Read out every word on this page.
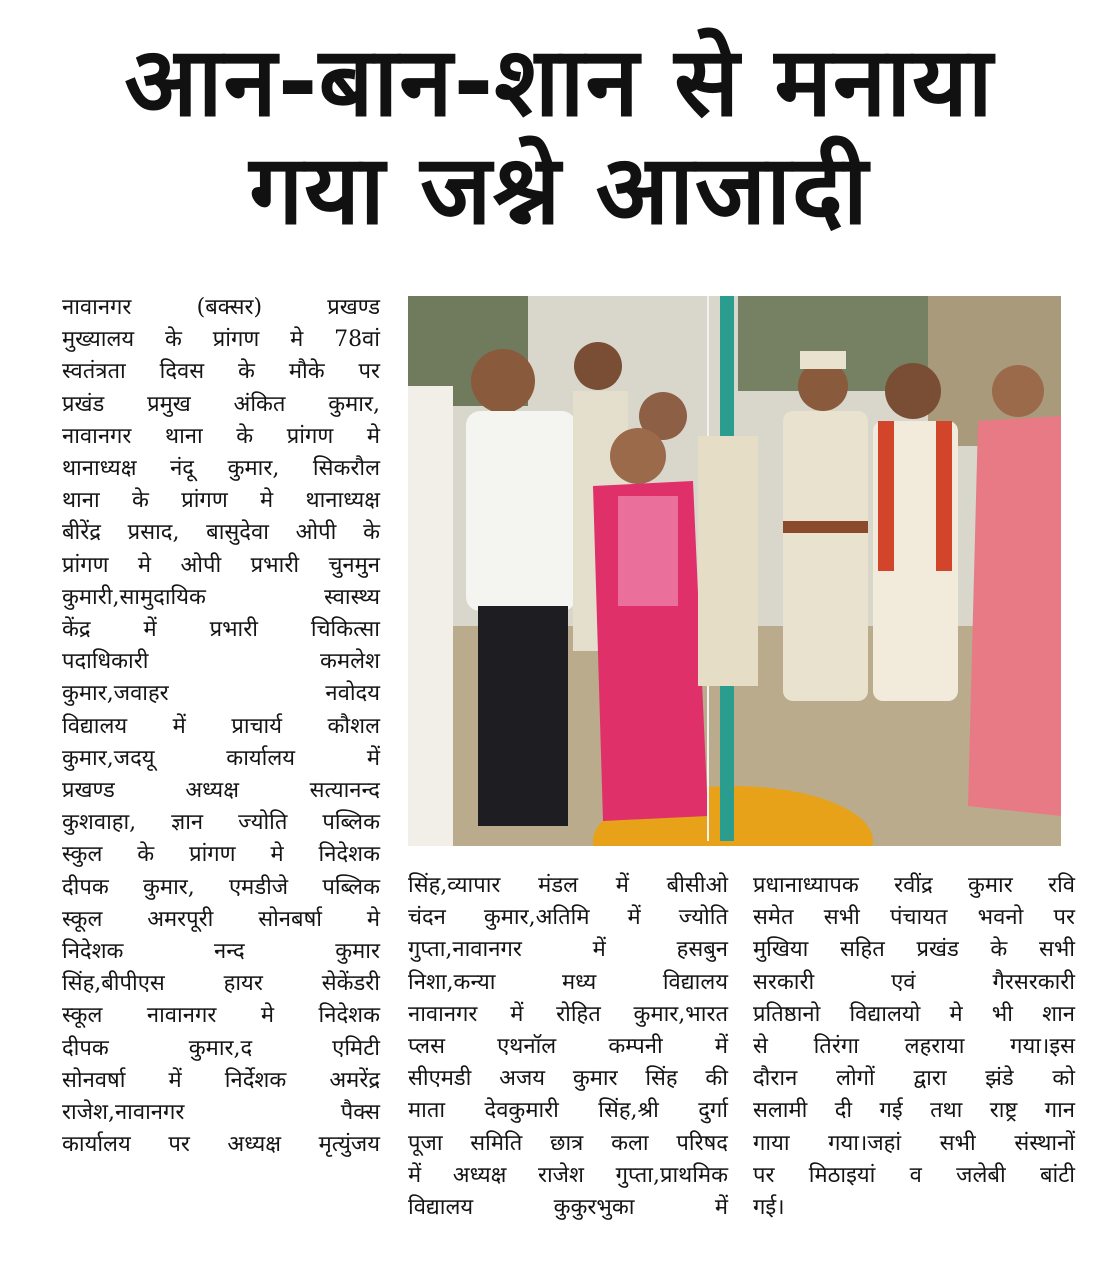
आन-बान-शान से मनाया
गया जश्ने आजादी
नावानगर (बक्सर) प्रखण्ड
मुख्यालय के प्रांगण मे 78वां
स्वतंत्रता दिवस के मौके पर
प्रखंड प्रमुख अंकित कुमार,
नावानगर थाना के प्रांगण मे
थानाध्यक्ष नंदू कुमार, सिकरौल
थाना के प्रांगण मे थानाध्यक्ष
बीरेंद्र प्रसाद, बासुदेवा ओपी के
प्रांगण मे ओपी प्रभारी चुनमुन
कुमारी,सामुदायिक स्वास्थ्य
केंद्र में प्रभारी चिकित्सा
पदाधिकारी कमलेश
कुमार,जवाहर नवोदय
विद्यालय में प्राचार्य कौशल
कुमार,जदयू कार्यालय में
प्रखण्ड अध्यक्ष सत्यानन्द
कुशवाहा, ज्ञान ज्योति पब्लिक
स्कुल के प्रांगण मे निदेशक
दीपक कुमार, एमडीजे पब्लिक
स्कूल अमरपूरी सोनबर्षा मे
निदेशक नन्द कुमार
सिंह,बीपीएस हायर सेकेंडरी
स्कूल नावानगर मे निदेशक
दीपक कुमार,द एमिटी
सोनवर्षा में निर्देशक अमरेंद्र
राजेश,नावानगर पैक्स
कार्यालय पर अध्यक्ष मृत्युंजय
सिंह,व्यापार मंडल में बीसीओ
चंदन कुमार,अतिमि में ज्योति
गुप्ता,नावानगर में हसबुन
निशा,कन्या मध्य विद्यालय
नावानगर में रोहित कुमार,भारत
प्लस एथनॉल कम्पनी में
सीएमडी अजय कुमार सिंह की
माता देवकुमारी सिंह,श्री दुर्गा
पूजा समिति छात्र कला परिषद
में अध्यक्ष राजेश गुप्ता,प्राथमिक
विद्यालय कुकुरभुका में
प्रधानाध्यापक रवींद्र कुमार रवि
समेत सभी पंचायत भवनो पर
मुखिया सहित प्रखंड के सभी
सरकारी एवं गैरसरकारी
प्रतिष्ठानो विद्यालयो मे भी शान
से तिरंगा लहराया गया।इस
दौरान लोगों द्वारा झंडे को
सलामी दी गई तथा राष्ट्र गान
गाया गया।जहां सभी संस्थानों
पर मिठाइयां व जलेबी बांटी
गई।
